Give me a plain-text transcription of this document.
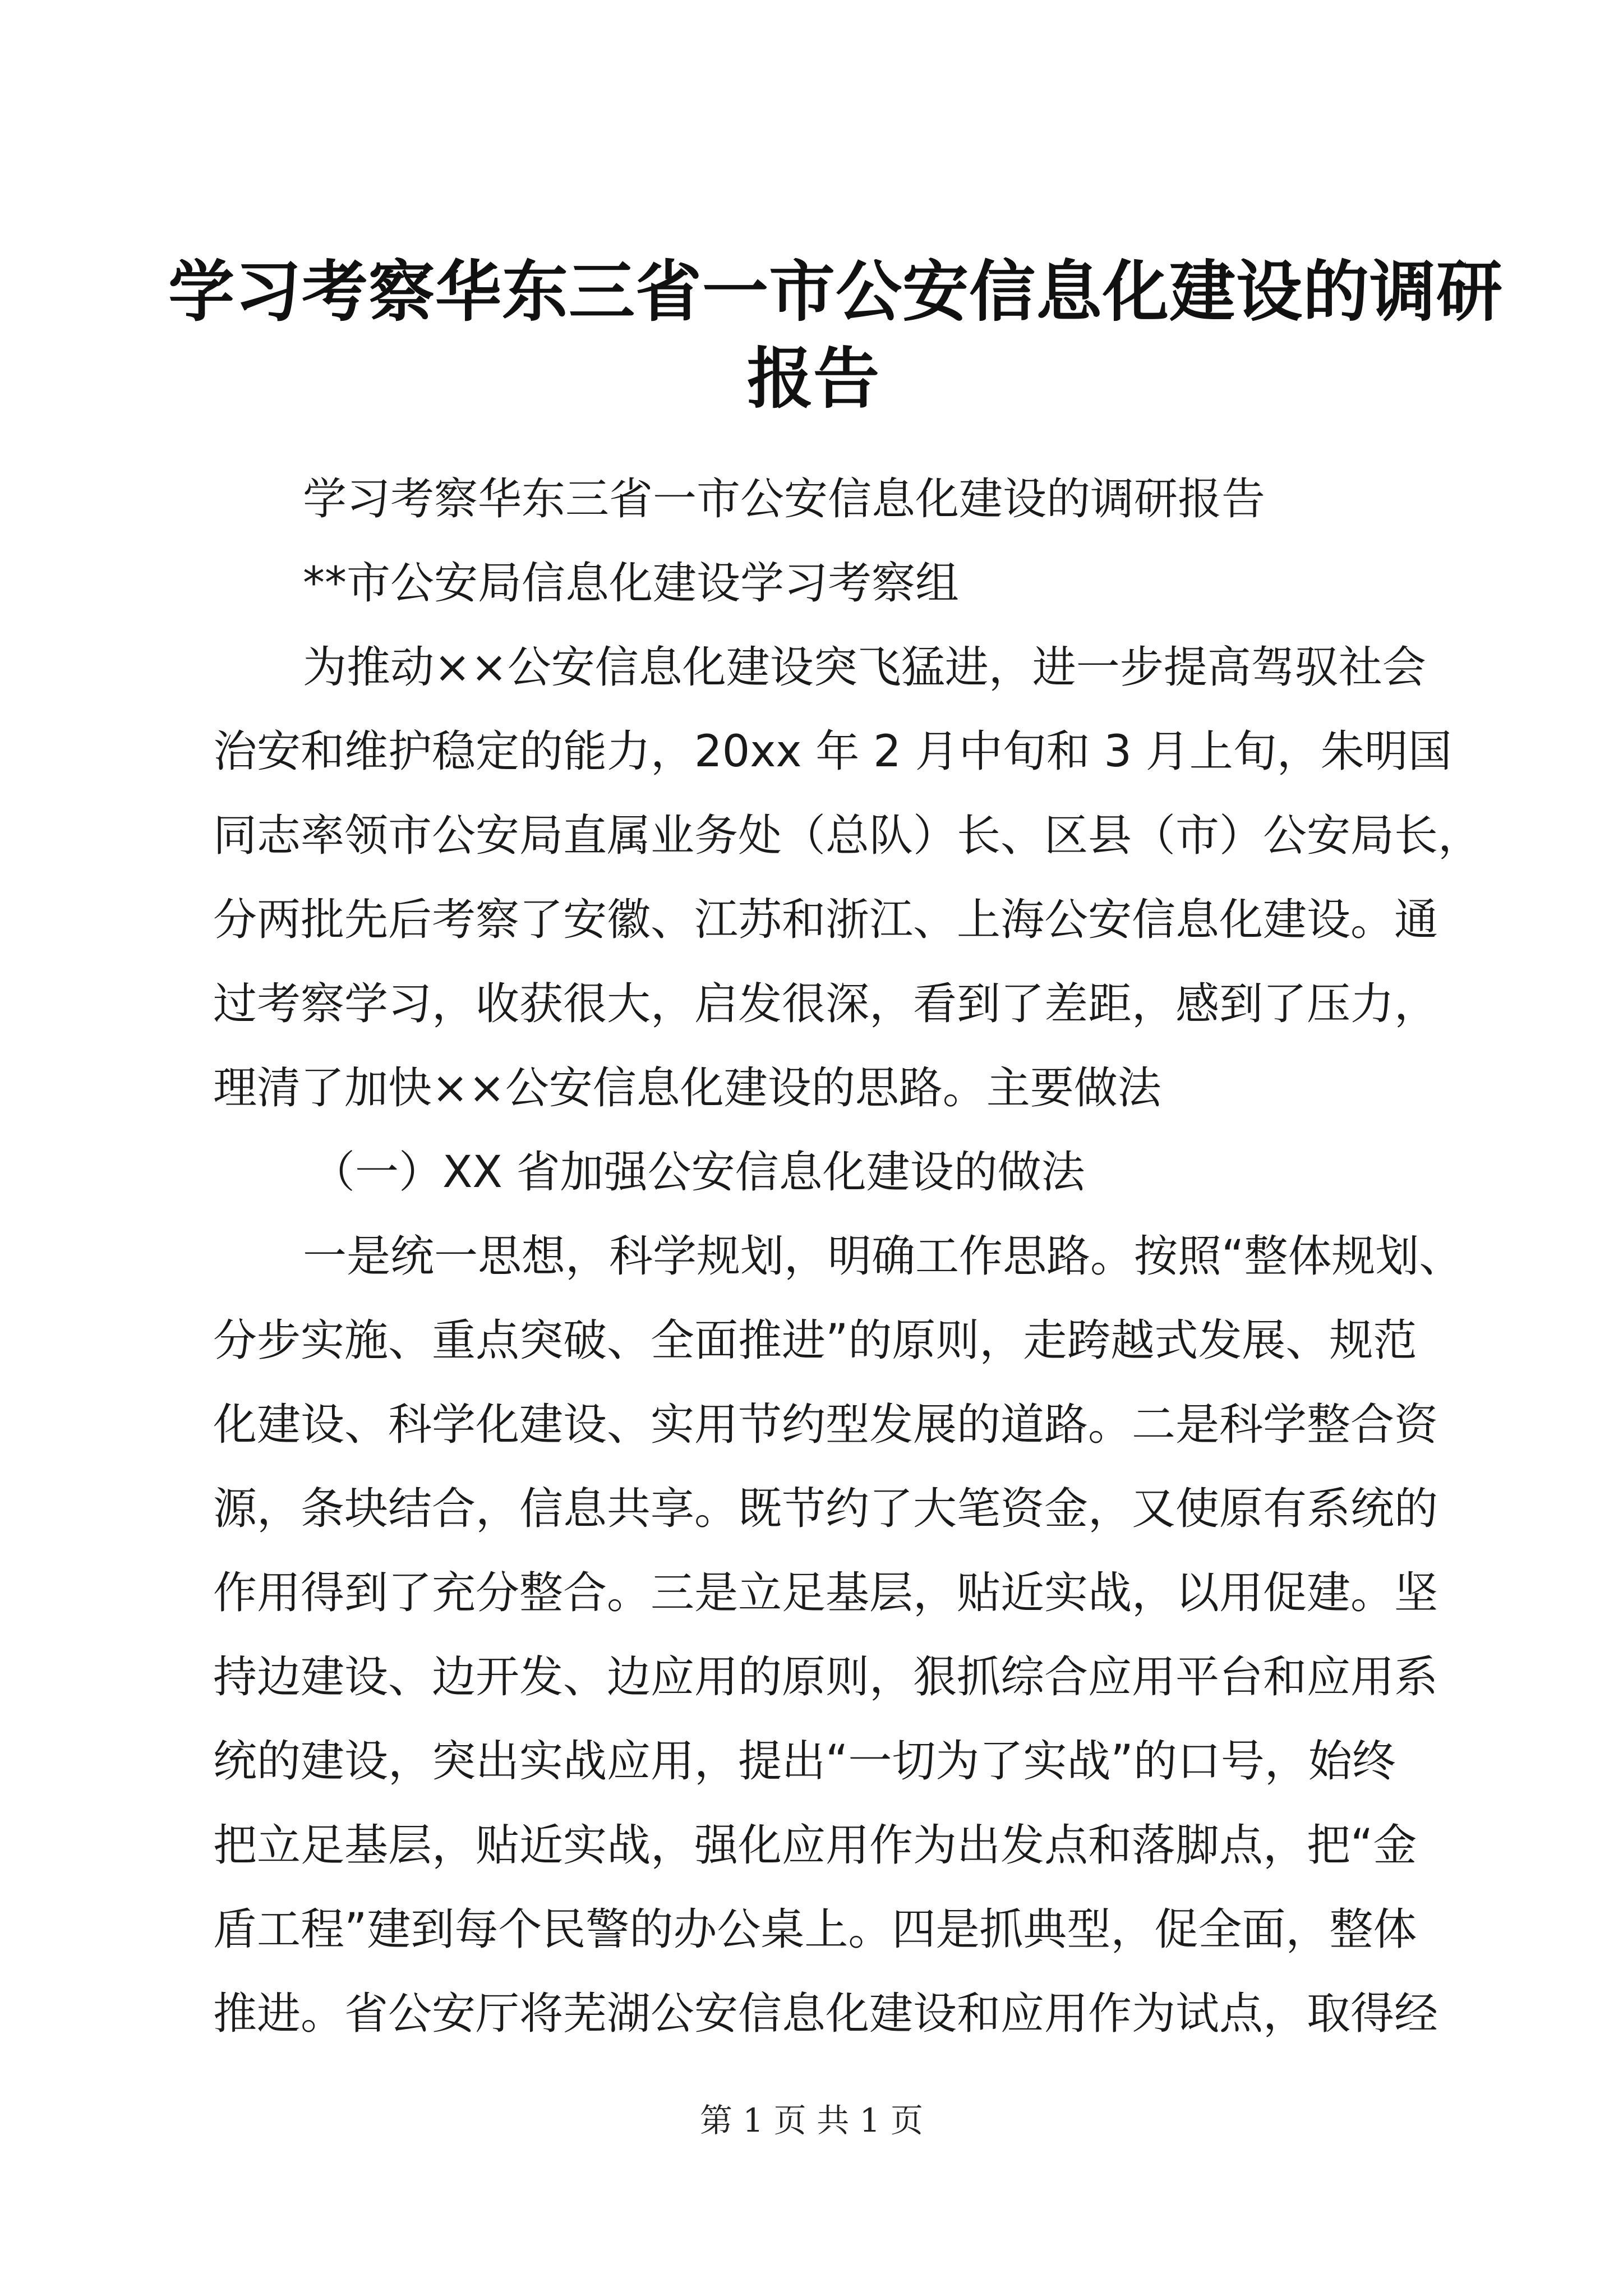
学习考察华东三省一市公安信息化建设的调研
报告
学习考察华东三省一市公安信息化建设的调研报告
**市公安局信息化建设学习考察组
为推动××公安信息化建设突飞猛进，进一步提高驾驭社会
治安和维护稳定的能力，20xx 年 2 月中旬和 3 月上旬，朱明国
同志率领市公安局直属业务处（总队）长、区县（市）公安局长，
分两批先后考察了安徽、江苏和浙江、上海公安信息化建设。通
过考察学习，收获很大，启发很深，看到了差距，感到了压力，
理清了加快××公安信息化建设的思路。主要做法
（一）XX 省加强公安信息化建设的做法
一是统一思想，科学规划，明确工作思路。按照“整体规划、
分步实施、重点突破、全面推进”的原则，走跨越式发展、规范
化建设、科学化建设、实用节约型发展的道路。二是科学整合资
源，条块结合，信息共享。既节约了大笔资金，又使原有系统的
作用得到了充分整合。三是立足基层，贴近实战，以用促建。坚
持边建设、边开发、边应用的原则，狠抓综合应用平台和应用系
统的建设，突出实战应用，提出“一切为了实战”的口号，始终
把立足基层，贴近实战，强化应用作为出发点和落脚点，把“金
盾工程”建到每个民警的办公桌上。四是抓典型，促全面，整体
推进。省公安厅将芜湖公安信息化建设和应用作为试点，取得经
第 1 页 共 1 页
